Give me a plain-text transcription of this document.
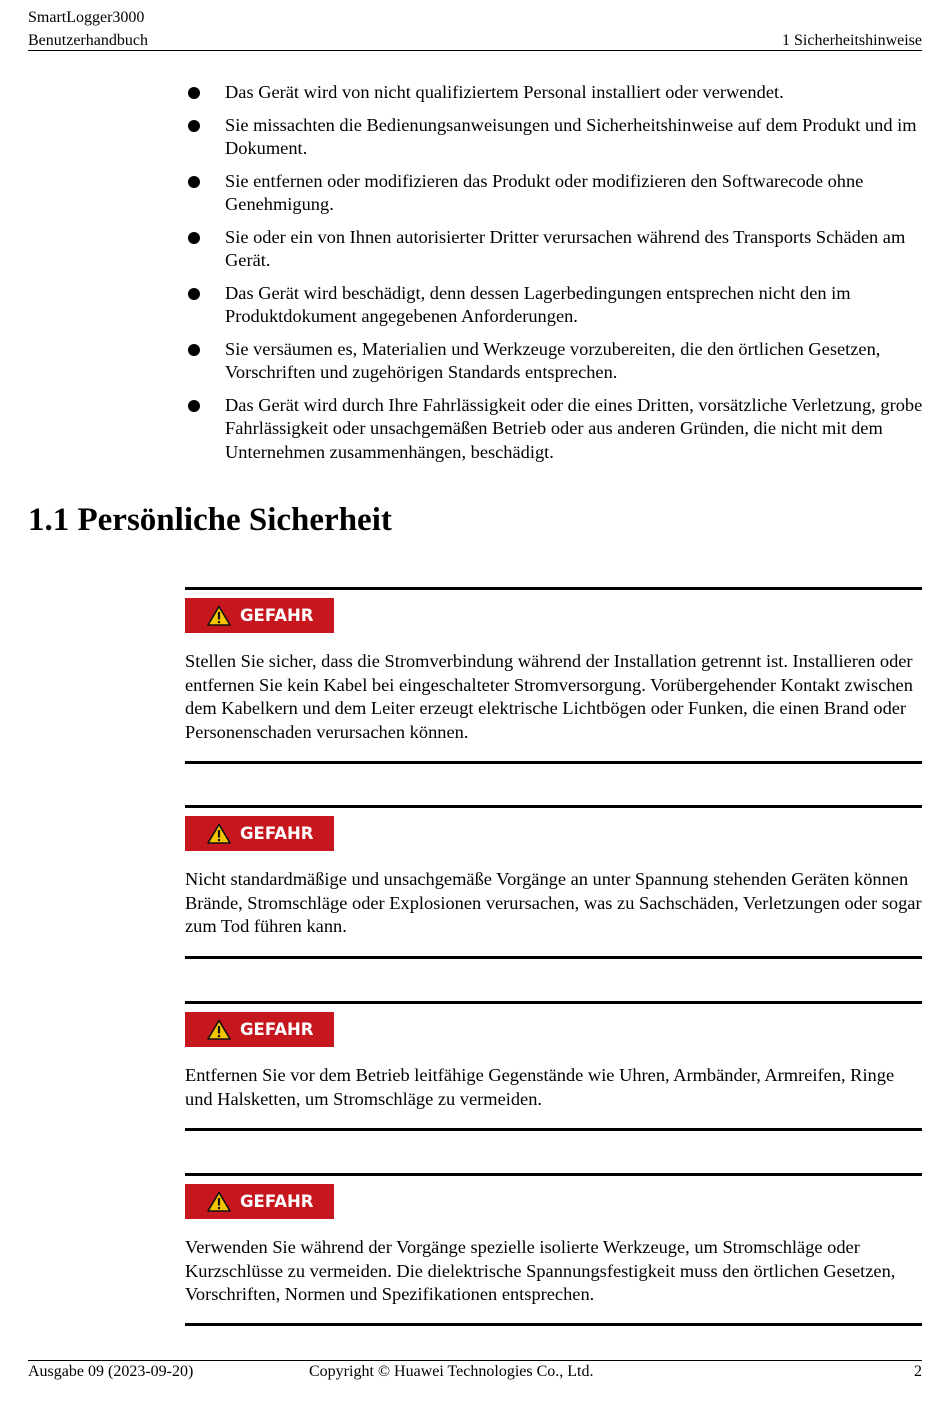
SmartLogger3000
Benutzerhandbuch	1 Sicherheitshinweise
Das Gerät wird von nicht qualifiziertem Personal installiert oder verwendet.
Sie missachten die Bedienungsanweisungen und Sicherheitshinweise auf dem Produkt und im Dokument.
Sie entfernen oder modifizieren das Produkt oder modifizieren den Softwarecode ohne Genehmigung.
Sie oder ein von Ihnen autorisierter Dritter verursachen während des Transports Schäden am Gerät.
Das Gerät wird beschädigt, denn dessen Lagerbedingungen entsprechen nicht den im Produktdokument angegebenen Anforderungen.
Sie versäumen es, Materialien und Werkzeuge vorzubereiten, die den örtlichen Gesetzen, Vorschriften und zugehörigen Standards entsprechen.
Das Gerät wird durch Ihre Fahrlässigkeit oder die eines Dritten, vorsätzliche Verletzung, grobe Fahrlässigkeit oder unsachgemäßen Betrieb oder aus anderen Gründen, die nicht mit dem Unternehmen zusammenhängen, beschädigt.
1.1 Persönliche Sicherheit
GEFAHR

Stellen Sie sicher, dass die Stromverbindung während der Installation getrennt ist. Installieren oder entfernen Sie kein Kabel bei eingeschalteter Stromversorgung. Vorübergehender Kontakt zwischen dem Kabelkern und dem Leiter erzeugt elektrische Lichtbögen oder Funken, die einen Brand oder Personenschaden verursachen können.

GEFAHR

Nicht standardmäßige und unsachgemäße Vorgänge an unter Spannung stehenden Geräten können Brände, Stromschläge oder Explosionen verursachen, was zu Sachschäden, Verletzungen oder sogar zum Tod führen kann.

GEFAHR

Entfernen Sie vor dem Betrieb leitfähige Gegenstände wie Uhren, Armbänder, Armreifen, Ringe und Halsketten, um Stromschläge zu vermeiden.

GEFAHR

Verwenden Sie während der Vorgänge spezielle isolierte Werkzeuge, um Stromschläge oder Kurzschlüsse zu vermeiden. Die dielektrische Spannungsfestigkeit muss den örtlichen Gesetzen, Vorschriften, Normen und Spezifikationen entsprechen.

Ausgabe 09 (2023-09-20)	Copyright © Huawei Technologies Co., Ltd.	2
